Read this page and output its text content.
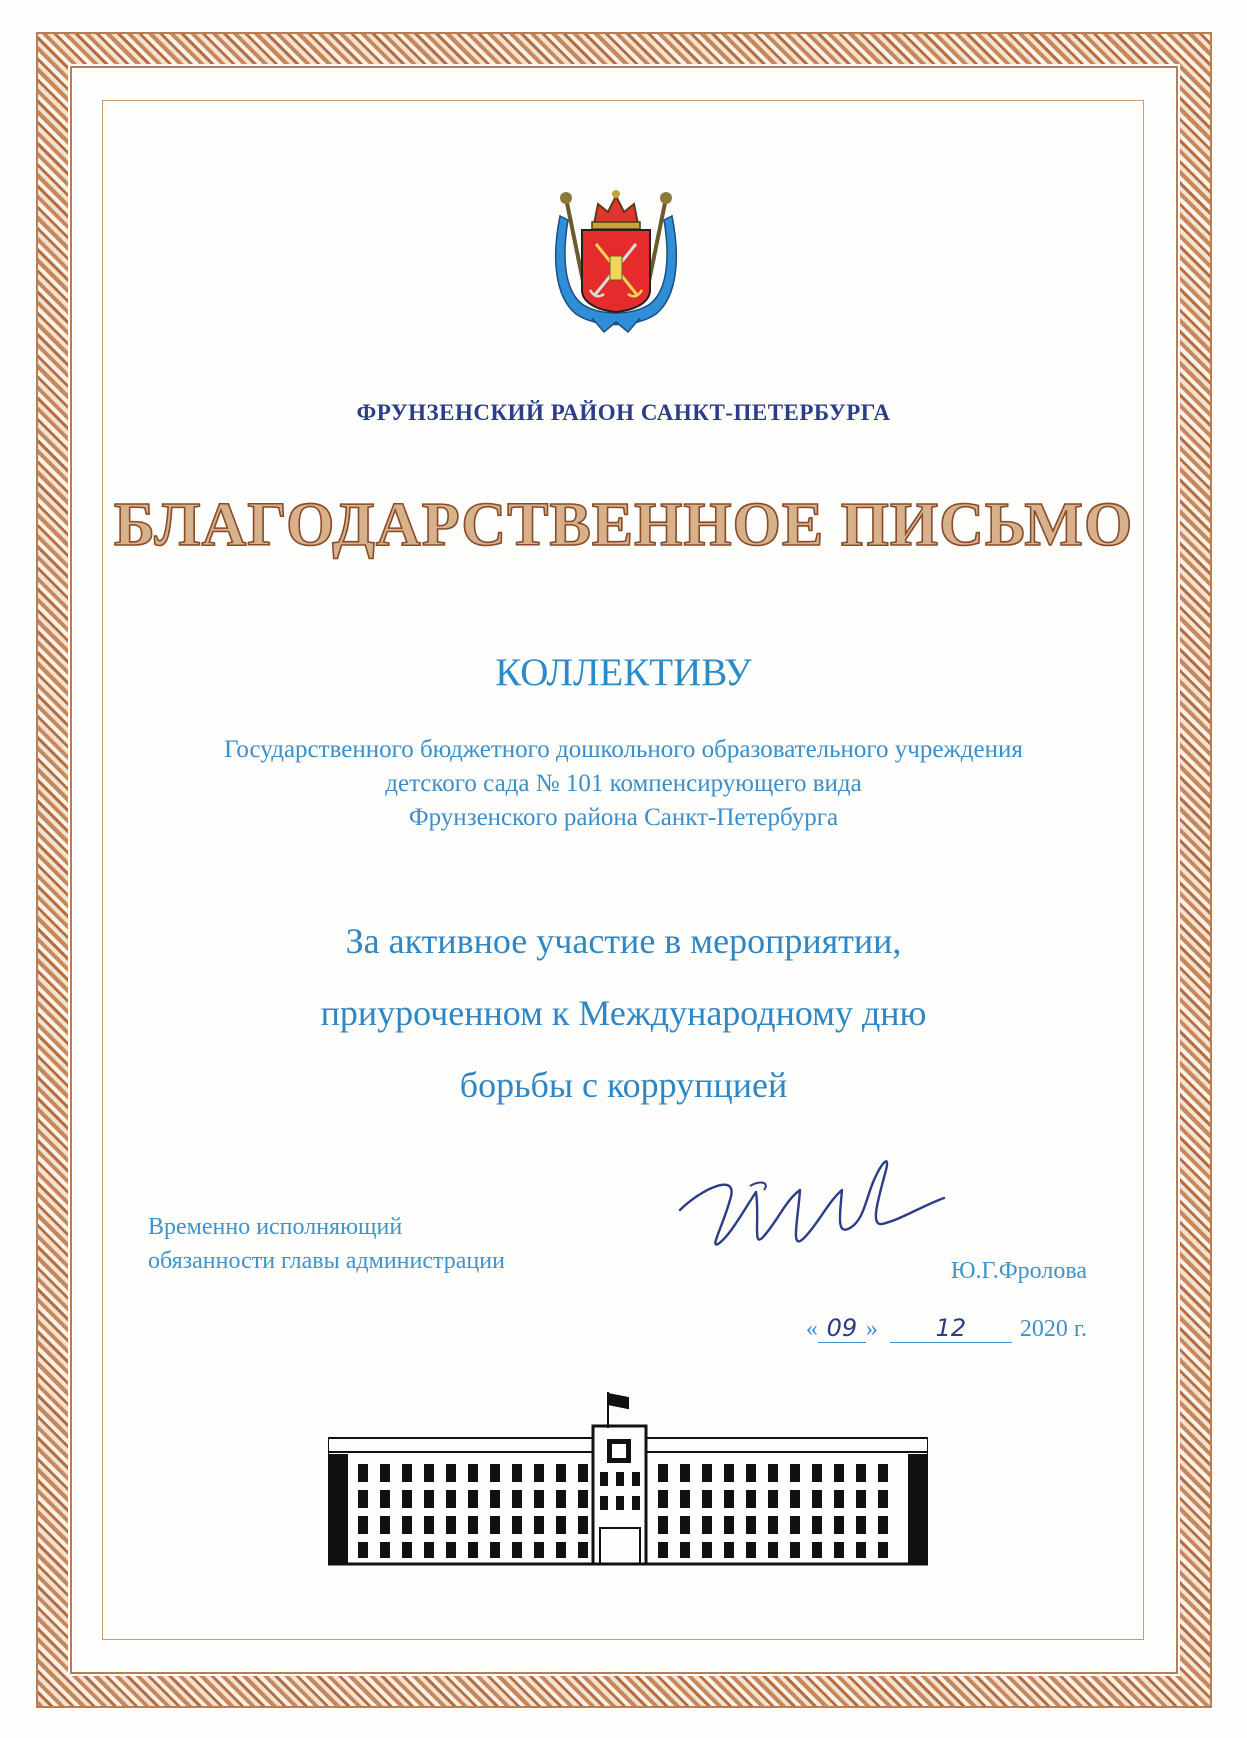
ФРУНЗЕНСКИЙ РАЙОН САНКТ-ПЕТЕРБУРГА
БЛАГОДАРСТВЕННОЕ ПИСЬМО
КОЛЛЕКТИВУ
Государственного бюджетного дошкольного образовательного учреждения
детского сада № 101 компенсирующего вида
Фрунзенского района Санкт-Петербурга
За активное участие в мероприятии,
приуроченном к Международному дню
борьбы с коррупцией
Временно исполняющий
обязанности главы администрации	Ю.Г.Фролова
« 09 »	12	2020 г.
